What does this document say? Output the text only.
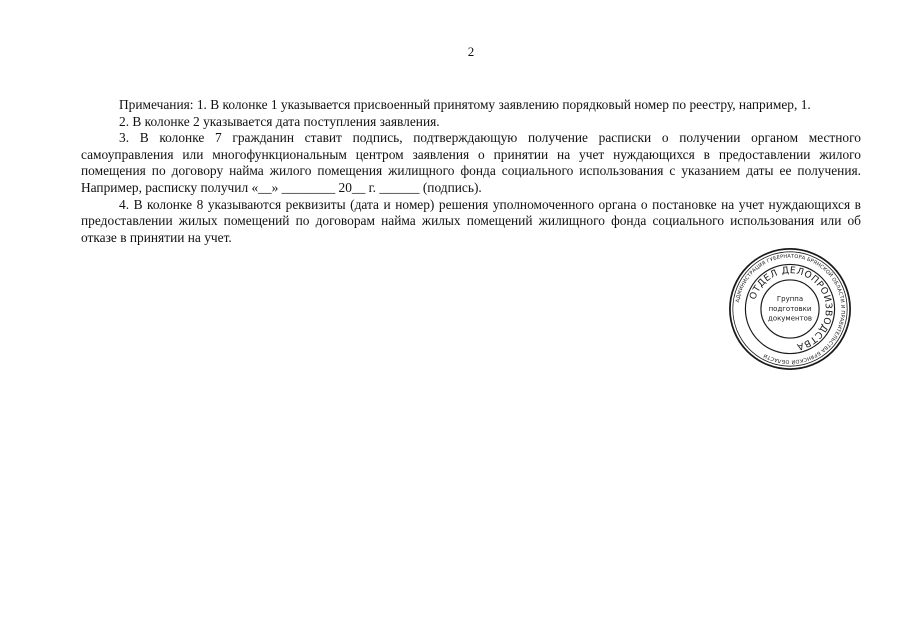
2

Примечания: 1. В колонке 1 указывается присвоенный принятому заявлению порядковый номер по реестру, например, 1.

2. В колонке 2 указывается дата поступления заявления.

3. В колонке 7 гражданин ставит подпись, подтверждающую получение расписки о получении органом местного самоуправления или многофункциональным центром заявления о принятии на учет нуждающихся в предоставлении жилого помещения по договору найма жилого помещения жилищного фонда социального использования с указанием даты ее получения. Например, расписку получил «__» ________ 20__ г. ______ (подпись).

4. В колонке 8 указываются реквизиты (дата и номер) решения уполномоченного органа о постановке на учет нуждающихся в предоставлении жилых помещений по договорам найма жилых помещений жилищного фонда социального использования или об отказе в принятии на учет.

АДМИНИСТРАЦИЯ ГУБЕРНАТОРА БРЯНСКОЙ ОБЛАСТИ И ПРАВИТЕЛЬСТВА БРЯНСКОЙ ОБЛАСТИ
ОТДЕЛ ДЕЛОПРОИЗВОДСТВА
Группа
подготовки
документов
